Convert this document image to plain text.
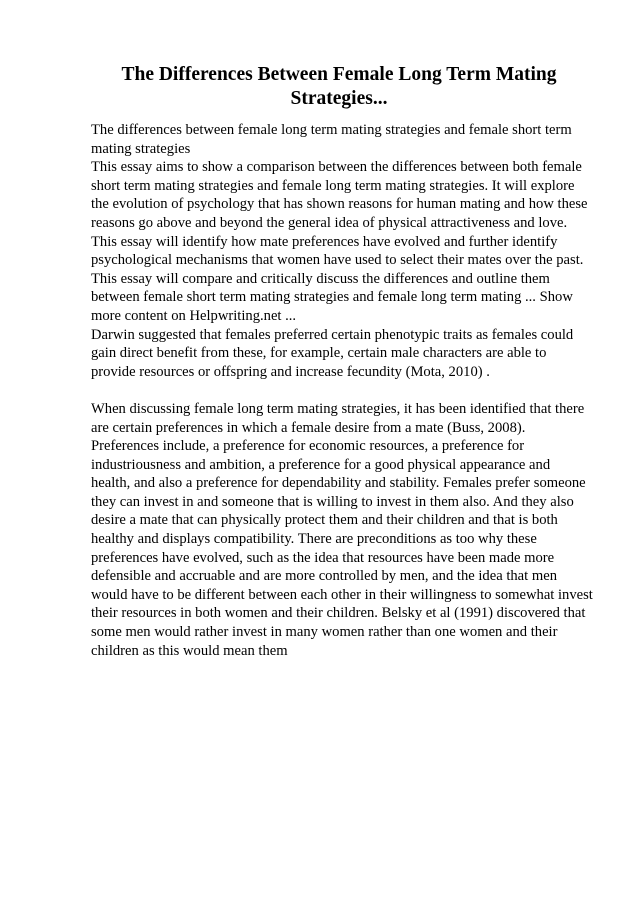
The Differences Between Female Long Term Mating
Strategies...
The differences between female long term mating strategies and female short term
mating strategies
This essay aims to show a comparison between the differences between both female
short term mating strategies and female long term mating strategies. It will explore
the evolution of psychology that has shown reasons for human mating and how these
reasons go above and beyond the general idea of physical attractiveness and love.
This essay will identify how mate preferences have evolved and further identify
psychological mechanisms that women have used to select their mates over the past.
This essay will compare and critically discuss the differences and outline them
between female short term mating strategies and female long term mating ... Show
more content on Helpwriting.net ...
Darwin suggested that females preferred certain phenotypic traits as females could
gain direct benefit from these, for example, certain male characters are able to
provide resources or offspring and increase fecundity (Mota, 2010) .
When discussing female long term mating strategies, it has been identified that there
are certain preferences in which a female desire from a mate (Buss, 2008).
Preferences include, a preference for economic resources, a preference for
industriousness and ambition, a preference for a good physical appearance and
health, and also a preference for dependability and stability. Females prefer someone
they can invest in and someone that is willing to invest in them also. And they also
desire a mate that can physically protect them and their children and that is both
healthy and displays compatibility. There are preconditions as too why these
preferences have evolved, such as the idea that resources have been made more
defensible and accruable and are more controlled by men, and the idea that men
would have to be different between each other in their willingness to somewhat invest
their resources in both women and their children. Belsky et al (1991) discovered that
some men would rather invest in many women rather than one women and their
children as this would mean them
